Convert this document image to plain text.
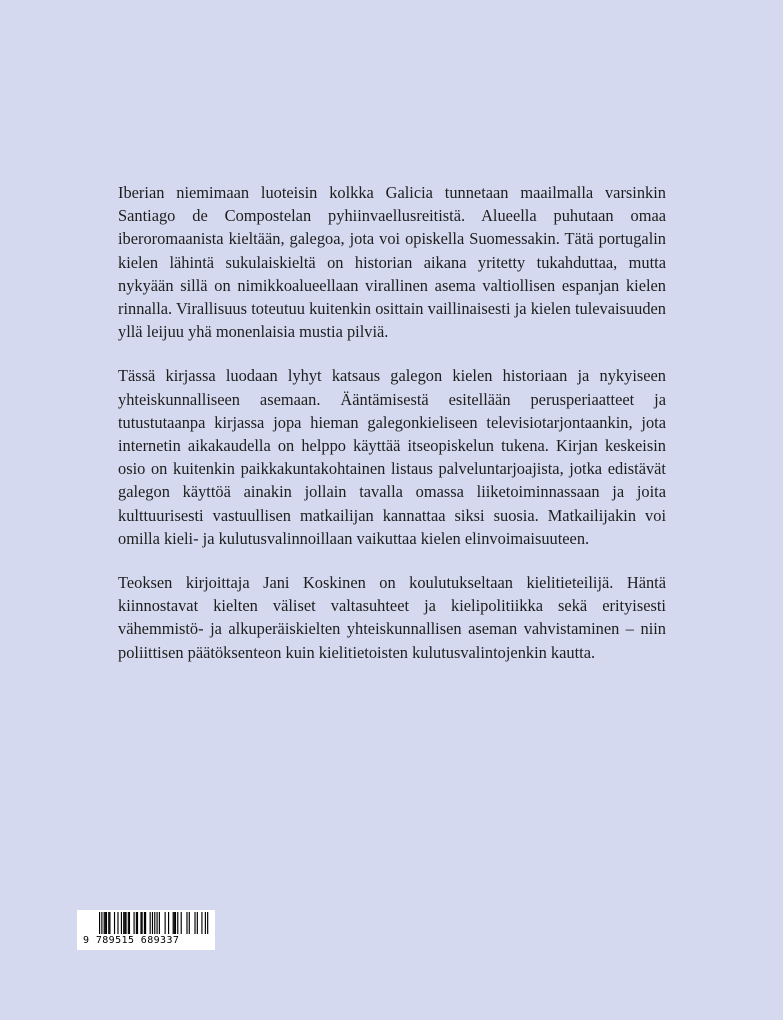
Iberian niemimaan luoteisin kolkka Galicia tunnetaan maailmalla varsinkin Santiago de Compostelan pyhiinvaellusreitistä. Alueella puhutaan omaa iberoromaanista kieltään, galegoa, jota voi opiskella Suomessakin. Tätä portugalin kielen lähintä sukulaiskieltä on historian aikana yritetty tukahduttaa, mutta nykyään sillä on nimikkoalueellaan virallinen asema valtiollisen espanjan kielen rinnalla. Virallisuus toteutuu kuitenkin osittain vaillinaisesti ja kielen tulevaisuuden yllä leijuu yhä monenlaisia mustia pilviä.

Tässä kirjassa luodaan lyhyt katsaus galegon kielen historiaan ja nykyiseen yhteiskunnalliseen asemaan. Ääntämisestä esitellään perusperiaatteet ja tutustutaanpa kirjassa jopa hieman galegonkieliseen televisiotarjontaankin, jota internetin aikakaudella on helppo käyttää itseopiskelun tukena. Kirjan keskeisin osio on kuitenkin paikkakuntakohtainen listaus palveluntarjoajista, jotka edistävät galegon käyttöä ainakin jollain tavalla omassa liiketoiminnassaan ja joita kulttuurisesti vastuullisen matkailijan kannattaa siksi suosia. Matkailijakin voi omilla kieli- ja kulutusvalinnoillaan vaikuttaa kielen elinvoimaisuuteen.

Teoksen kirjoittaja Jani Koskinen on koulutukseltaan kielitieteilijä. Häntä kiinnostavat kielten väliset valtasuhteet ja kielipolitiikka sekä erityisesti vähemmistö- ja alkuperäiskielten yhteiskunnallisen aseman vahvistaminen – niin poliittisen päätöksenteon kuin kielitietoisten kulutusvalintojenkin kautta.

9 789515 689337
